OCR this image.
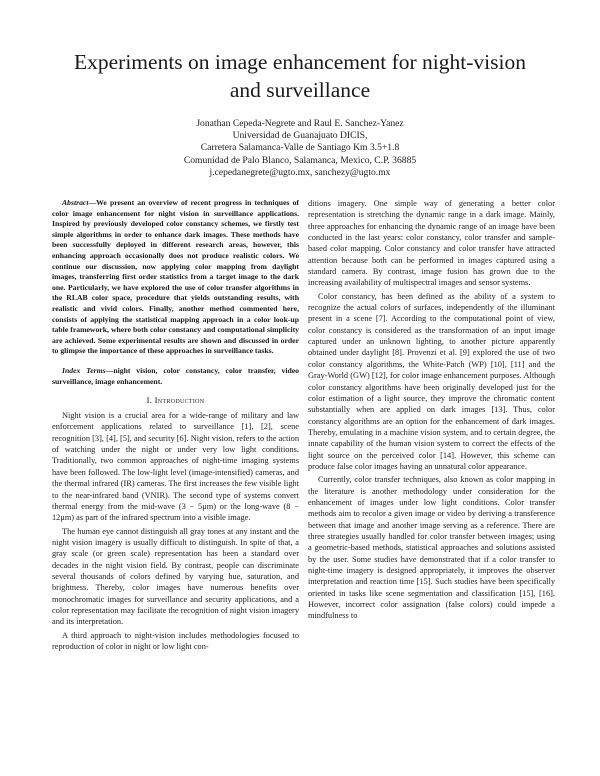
Experiments on image enhancement for night-vision
and surveillance
Jonathan Cepeda-Negrete and Raul E. Sanchez-Yanez
Universidad de Guanajuato DICIS,
Carretera Salamanca-Valle de Santiago Km 3.5+1.8
Comunidad de Palo Blanco, Salamanca, Mexico, C.P. 36885
j.cepedanegrete@ugto.mx, sanchezy@ugto.mx

Abstract—We present an overview of recent progress in techniques of color image enhancement for night vision in surveillance applications. Inspired by previously developed color constancy schemes, we firstly test simple algorithms in order to enhance dark images. These methods have been successfully deployed in different research areas, however, this enhancing approach occasionally does not produce realistic colors. We continue our discussion, now applying color mapping from daylight images, transferring first order statistics from a target image to the dark one. Particularly, we have explored the use of color transfer algorithms in the RLAB color space, procedure that yields outstanding results, with realistic and vivid colors. Finally, another method commented here, consists of applying the statistical mapping approach in a color look-up table framework, where both color constancy and computational simplicity are achieved. Some experimental results are shown and discussed in order to glimpse the importance of these approaches in surveillance tasks.

Index Terms—night vision, color constancy, color transfer, video surveillance, image enhancement.

I. Introduction

Night vision is a crucial area for a wide-range of military and law enforcement applications related to surveillance [1], [2], scene recognition [3], [4], [5], and security [6]. Night vision, refers to the action of watching under the night or under very low light conditions. Traditionally, two common approaches of night-time imaging systems have been followed. The low-light level (image-intensified) cameras, and the thermal infrared (IR) cameras. The first increases the few visible light to the near-infrared band (VNIR). The second type of systems convert thermal energy from the mid-wave (3 − 5μm) or the long-wave (8 − 12μm) as part of the infrared spectrum into a visible image.

The human eye cannot distinguish all gray tones at any instant and the night vision imagery is usually difficult to distinguish. In spite of that, a gray scale (or green scale) representation has been a standard over decades in the night vision field. By contrast, people can discriminate several thousands of colors defined by varying hue, saturation, and brightness. Thereby, color images have numerous benefits over monochromatic images for surveillance and security applications, and a color representation may facilitate the recognition of night vision imagery and its interpretation.

A third approach to night-vision includes methodologies focused to reproduction of color in night or low light con-

ditions imagery. One simple way of generating a better color representation is stretching the dynamic range in a dark image. Mainly, three approaches for enhancing the dynamic range of an image have been conducted in the last years: color constancy, color transfer and sample-based color mapping. Color constancy and color transfer have attracted attention because both can be performed in images captured using a standard camera. By contrast, image fusion has grown due to the increasing availability of multispectral images and sensor systems.

Color constancy, has been defined as the ability of a system to recognize the actual colors of surfaces, independently of the illuminant present in a scene [7]. According to the computational point of view, color constancy is considered as the transformation of an input image captured under an unknown lighting, to another picture apparently obtained under daylight [8]. Provenzi et al. [9] explored the use of two color constancy algorithms, the White-Patch (WP) [10], [11] and the Gray-World (GW) [12], for color image enhancement purposes. Although color constancy algorithms have been originally developed just for the color estimation of a light source, they improve the chromatic content substantially when are applied on dark images [13]. Thus, color constancy algorithms are an option for the enhancement of dark images. Thereby, emulating in a machine vision system, and to certain degree, the innate capability of the human vision system to correct the effects of the light source on the perceived color [14]. However, this scheme can produce false color images having an unnatural color appearance.

Currently, color transfer techniques, also known as color mapping in the literature is another methodology under consideration for the enhancement of images under low light conditions. Color transfer methods aim to recolor a given image or video by deriving a transference between that image and another image serving as a reference. There are three strategies usually handled for color transfer between images; using a geometric-based methods, statistical approaches and solutions assisted by the user. Some studies have demonstrated that if a color transfer to night-time imagery is designed appropriately, it improves the observer interpretation and reaction time [15]. Such studies have been specifically oriented in tasks like scene segmentation and classification [15], [16]. However, incorrect color assignation (false colors) could impede a mindfulness to
